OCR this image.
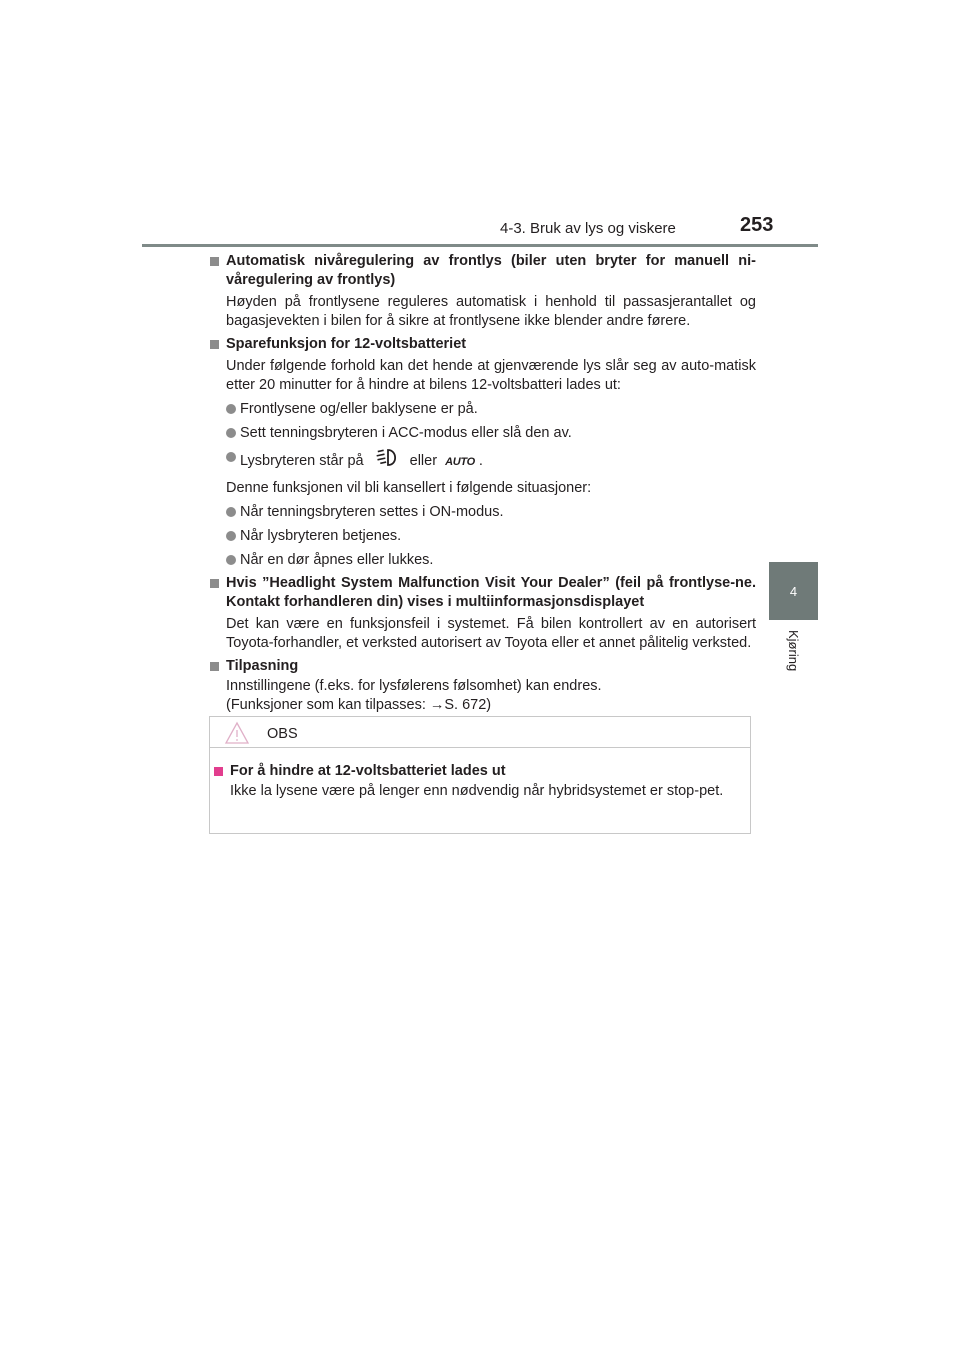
4-3. Bruk av lys og viskere	253
4
Kjøring
Automatisk nivåregulering av frontlys (biler uten bryter for manuell ni-våregulering av frontlys)
Høyden på frontlysene reguleres automatisk i henhold til passasjerantallet og bagasjevekten i bilen for å sikre at frontlysene ikke blender andre førere.
Sparefunksjon for 12-voltsbatteriet
Under følgende forhold kan det hende at gjenværende lys slår seg av auto-matisk etter 20 minutter for å hindre at bilens 12-voltsbatteri lades ut:
Frontlysene og/eller baklysene er på.
Sett tenningsbryteren i ACC-modus eller slå den av.
Lysbryteren står på	eller AUTO .
Denne funksjonen vil bli kansellert i følgende situasjoner:
Når tenningsbryteren settes i ON-modus.
Når lysbryteren betjenes.
Når en dør åpnes eller lukkes.
Hvis ”Headlight System Malfunction Visit Your Dealer” (feil på frontlyse-ne. Kontakt forhandleren din) vises i multiinformasjonsdisplayet
Det kan være en funksjonsfeil i systemet. Få bilen kontrollert av en autorisert Toyota-forhandler, et verksted autorisert av Toyota eller et annet pålitelig verksted.
Tilpasning
Innstillingene (f.eks. for lysfølerens følsomhet) kan endres.
(Funksjoner som kan tilpasses: →S. 672)
OBS
For å hindre at 12-voltsbatteriet lades ut
Ikke la lysene være på lenger enn nødvendig når hybridsystemet er stop-pet.
